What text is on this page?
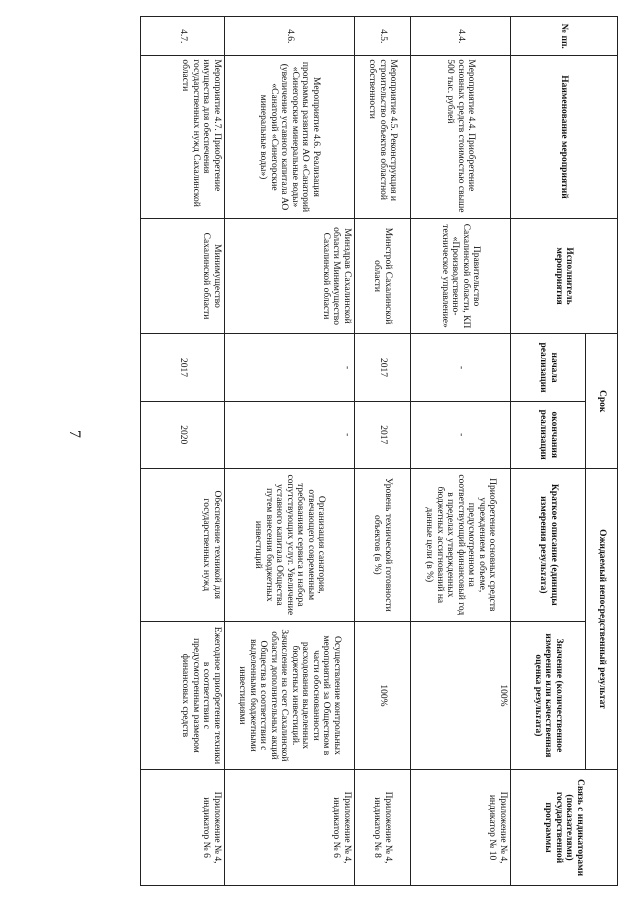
7
№ пп.	Наименование мероприятий	Исполнитель мероприятия	Срок		Ожидаемый непосредственный результат		Связь с индикаторами (показателями) государственной программы
			начала реализации	окончания реализации	Краткое описание (единицы измерения результата)	Значение (количественное измерение или качественная оценка результата)	
4.4.	Мероприятие 4.4. Приобретение основных средств стоимостью свыше 500 тыс. рублей	Правительство Сахалинской области, КП «Производственно-техническое управление»	-	-	Приобретение основных средств учреждением в объеме, предусмотренном на соответствующий финансовый год в пределах утвержденных бюджетных ассигнований на данные цели (в %)	100%	Приложение № 4, индикатор № 10
4.5.	Мероприятие 4.5. Реконструкция и строительство объектов областной собственности	Минстрой Сахалинской области	2017	2017	Уровень технической готовности объектов (в %)	100%	Приложение № 4, индикатор № 8
4.6.	Мероприятие 4.6. Реализация программы развития АО «Санаторий «Синегорские минеральные воды» (увеличение уставного капитала АО «Санаторий «Синегорские минеральные воды»)	Минздрав Сахалинской области Минимущество Сахалинской области	-	-	Организация санатория, отвечающего современным требованиям сервиса и набора сопутствующих услуг. Увеличение уставного капитала Общества путем внесения бюджетных инвестиций	Осуществление контрольных мероприятий за Обществом в части обоснованности расходования выделенных бюджетных инвестиций. Зачисление на счет Сахалинской области дополнительных акций Общества в соответствии с выделенными бюджетными инвестициями	Приложение № 4, индикатор № 6
4.7.	Мероприятие 4.7. Приобретение имущества для обеспечения государственных нужд Сахалинской области	Минимущество Сахалинской области	2017	2020	Обеспечение техникой для государственных нужд	Ежегодное приобретение техники в соответствии с предусмотренным размером финансовых средств	Приложение № 4, индикатор № 6
